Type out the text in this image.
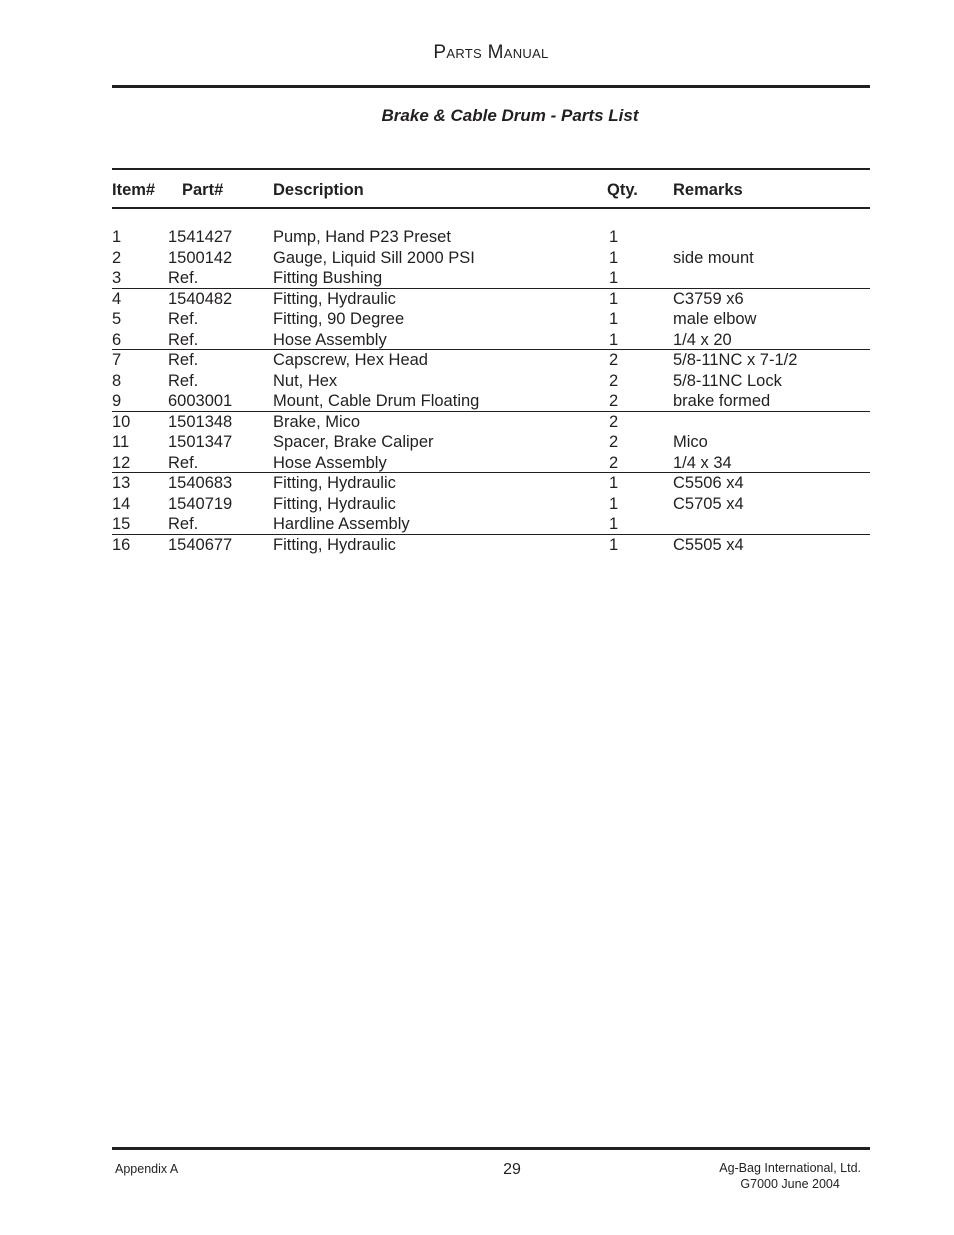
Parts Manual
Brake & Cable Drum - Parts List
Item# Part#	Description	Qty. Remarks
1	1541427 Pump, Hand P23 Preset	1
2	1500142 Gauge, Liquid Sill 2000 PSI	1	side mount
3	Ref.	Fitting Bushing	1
4	1540482 Fitting, Hydraulic	1	C3759 x6
5	Ref.	Fitting, 90 Degree	1	male elbow
6	Ref.	Hose Assembly	1	1/4 x 20
7	Ref.	Capscrew, Hex Head	2	5/8-11NC x 7-1/2
8	Ref.	Nut, Hex	2	5/8-11NC Lock
9	6003001 Mount, Cable Drum Floating	2	brake formed
10 1501348 Brake, Mico	2
11 1501347 Spacer, Brake Caliper	2	Mico
12 Ref.	Hose Assembly	2	1/4 x 34
13 1540683 Fitting, Hydraulic	1	C5506 x4
14 1540719 Fitting, Hydraulic	1	C5705 x4
15 Ref.	Hardline Assembly	1
16 1540677 Fitting, Hydraulic	1	C5505 x4
Appendix A	29	Ag-Bag International, Ltd.
G7000 June 2004
